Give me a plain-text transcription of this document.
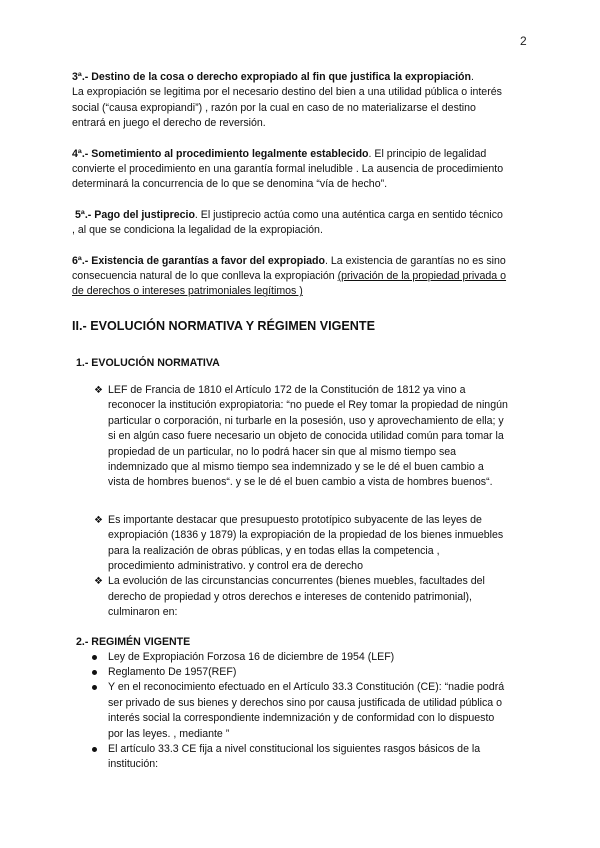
2
3ª.- Destino de la cosa o derecho expropiado al fin que justifica la expropiación.
La expropiación se legitima por el necesario destino del bien a una utilidad pública o interés
social (“causa expropiandi”) , razón por la cual en caso de no materializarse el destino
entrará en juego el derecho de reversión.
4ª.- Sometimiento al procedimiento legalmente establecido. El principio de legalidad
convierte el procedimiento en una garantía formal ineludible . La ausencia de procedimiento
determinará la concurrencia de lo que se denomina “vía de hecho”.
5ª.- Pago del justiprecio. El justiprecio actúa como una auténtica carga en sentido técnico
, al que se condiciona la legalidad de la expropiación.
6ª.- Existencia de garantías a favor del expropiado. La existencia de garantías no es sino
consecuencia natural de lo que conlleva la expropiación (privación de la propiedad privada o
de derechos o intereses patrimoniales legítimos )
II.- EVOLUCIÓN NORMATIVA Y RÉGIMEN VIGENTE
1.- EVOLUCIÓN NORMATIVA
❖ LEF de Francia de 1810 el Artículo 172 de la Constitución de 1812 ya vino a
reconocer la institución expropiatoria: “no puede el Rey tomar la propiedad de ningún
particular o corporación, ni turbarle en la posesión, uso y aprovechamiento de ella; y
si en algún caso fuere necesario un objeto de conocida utilidad común para tomar la
propiedad de un particular, no lo podrá hacer sin que al mismo tiempo sea
indemnizado que al mismo tiempo sea indemnizado y se le dé el buen cambio a
vista de hombres buenos“. y se le dé el buen cambio a vista de hombres buenos“.
❖ Es importante destacar que presupuesto prototípico subyacente de las leyes de
expropiación (1836 y 1879) la expropiación de la propiedad de los bienes inmuebles
para la realización de obras públicas, y en todas ellas la competencia ,
procedimiento administrativo. y control era de derecho
❖ La evolución de las circunstancias concurrentes (bienes muebles, facultades del
derecho de propiedad y otros derechos e intereses de contenido patrimonial),
culminaron en:
2.- REGIMÉN VIGENTE
Ley de Expropiación Forzosa 16 de diciembre de 1954 (LEF)
Reglamento De 1957(REF)
Y en el reconocimiento efectuado en el Artículo 33.3 Constitución (CE): “nadie podrá
ser privado de sus bienes y derechos sino por causa justificada de utilidad pública o
interés social la correspondiente indemnización y de conformidad con lo dispuesto
por las leyes. , mediante ”
El artículo 33.3 CE fija a nivel constitucional los siguientes rasgos básicos de la
institución:
